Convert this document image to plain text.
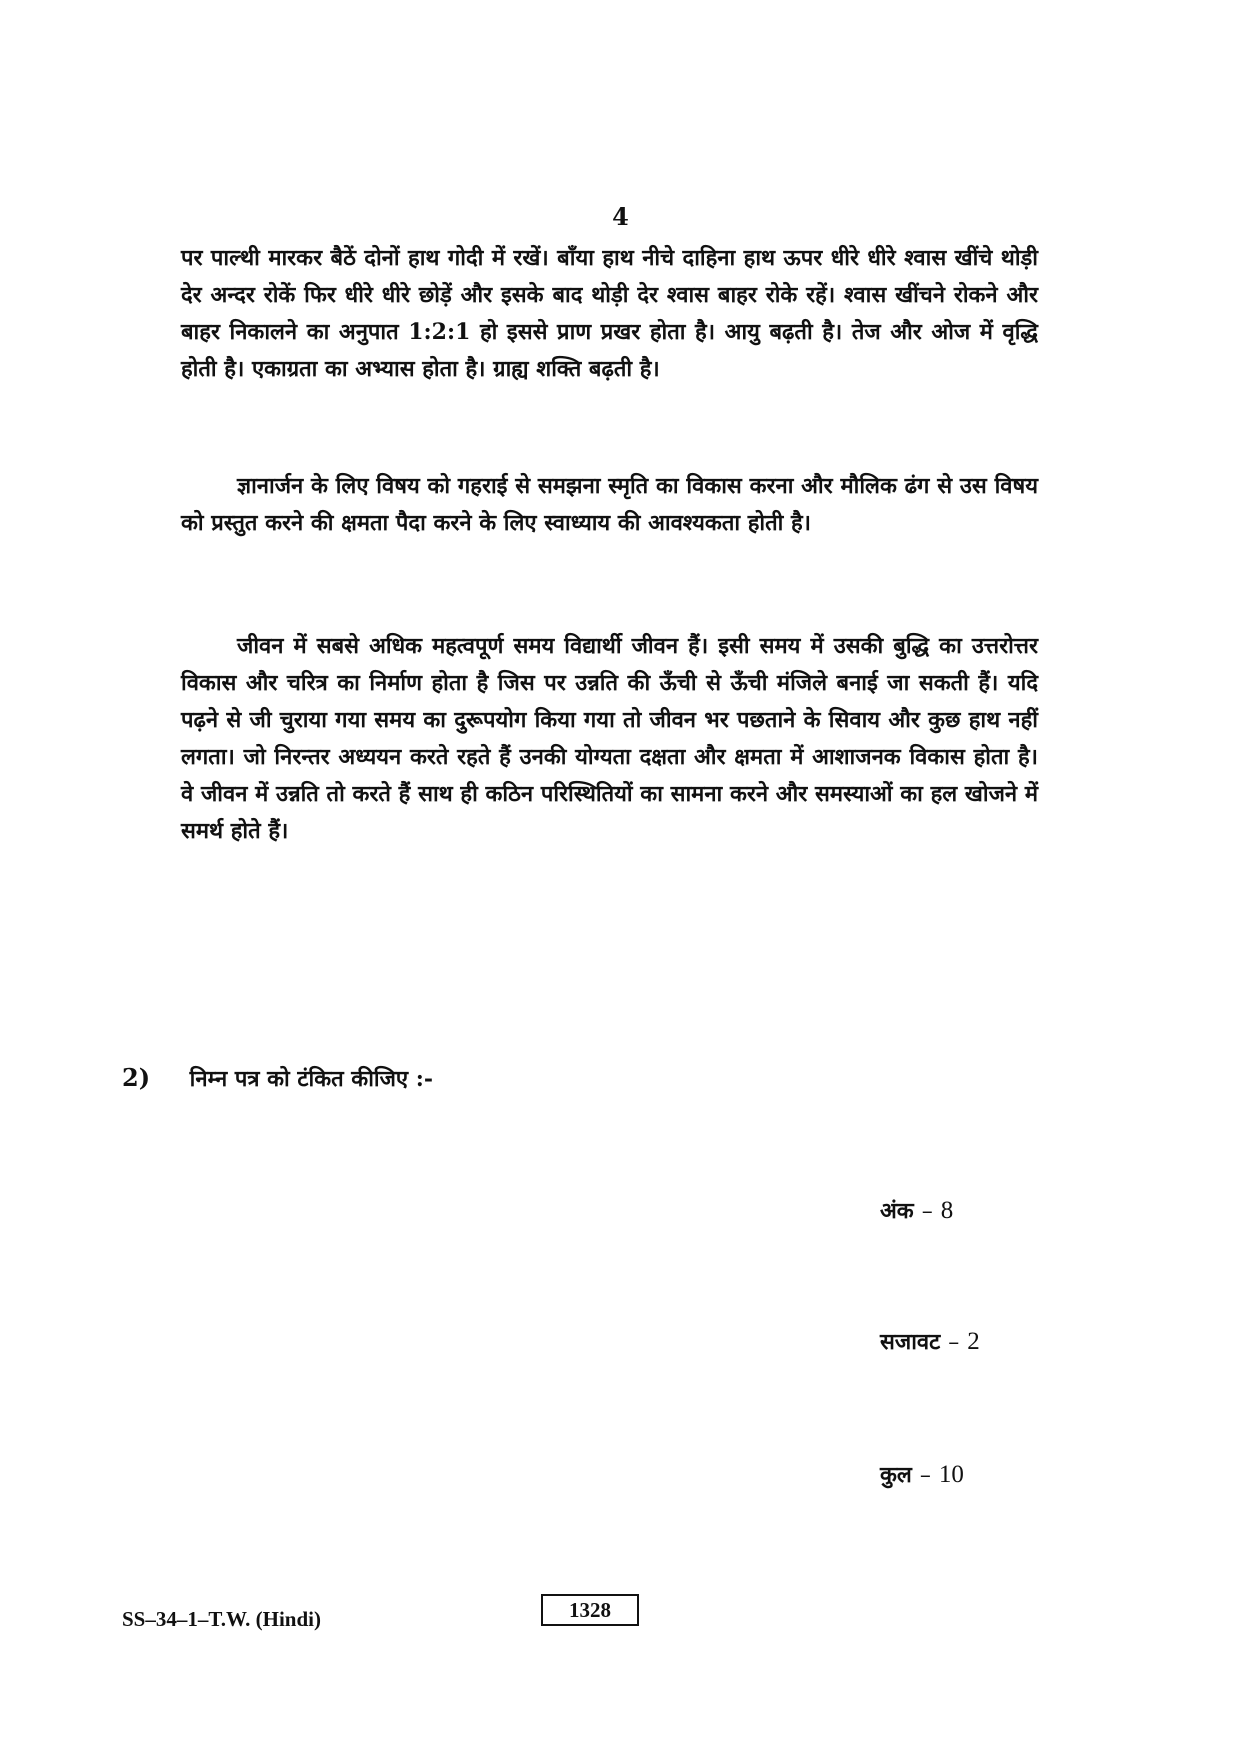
4

पर पाल्थी मारकर बैठें दोनों हाथ गोदी में रखें। बाँया हाथ नीचे दाहिना हाथ ऊपर धीरे धीरे श्वास खींचे थोड़ी देर अन्दर रोकें फिर धीरे धीरे छोड़ें और इसके बाद थोड़ी देर श्वास बाहर रोके रहें। श्वास खींचने रोकने और बाहर निकालने का अनुपात 1:2:1 हो इससे प्राण प्रखर होता है। आयु बढ़ती है। तेज और ओज में वृद्धि होती है। एकाग्रता का अभ्यास होता है। ग्राह्य शक्ति बढ़ती है।

ज्ञानार्जन के लिए विषय को गहराई से समझना स्मृति का विकास करना और मौलिक ढंग से उस विषय को प्रस्तुत करने की क्षमता पैदा करने के लिए स्वाध्याय की आवश्यकता होती है।

जीवन में सबसे अधिक महत्वपूर्ण समय विद्यार्थी जीवन हैं। इसी समय में उसकी बुद्धि का उत्तरोत्तर विकास और चरित्र का निर्माण होता है जिस पर उन्नति की ऊँची से ऊँची मंजिले बनाई जा सकती हैं। यदि पढ़ने से जी चुराया गया समय का दुरूपयोग किया गया तो जीवन भर पछताने के सिवाय और कुछ हाथ नहीं लगता। जो निरन्तर अध्ययन करते रहते हैं उनकी योग्यता दक्षता और क्षमता में आशाजनक विकास होता है। वे जीवन में उन्नति तो करते हैं साथ ही कठिन परिस्थितियों का सामना करने और समस्याओं का हल खोजने में समर्थ होते हैं।

2) निम्न पत्र को टंकित कीजिए :-
अंक – 8
सजावट – 2
कुल – 10
SS–34–1–T.W. (Hindi)	1328
